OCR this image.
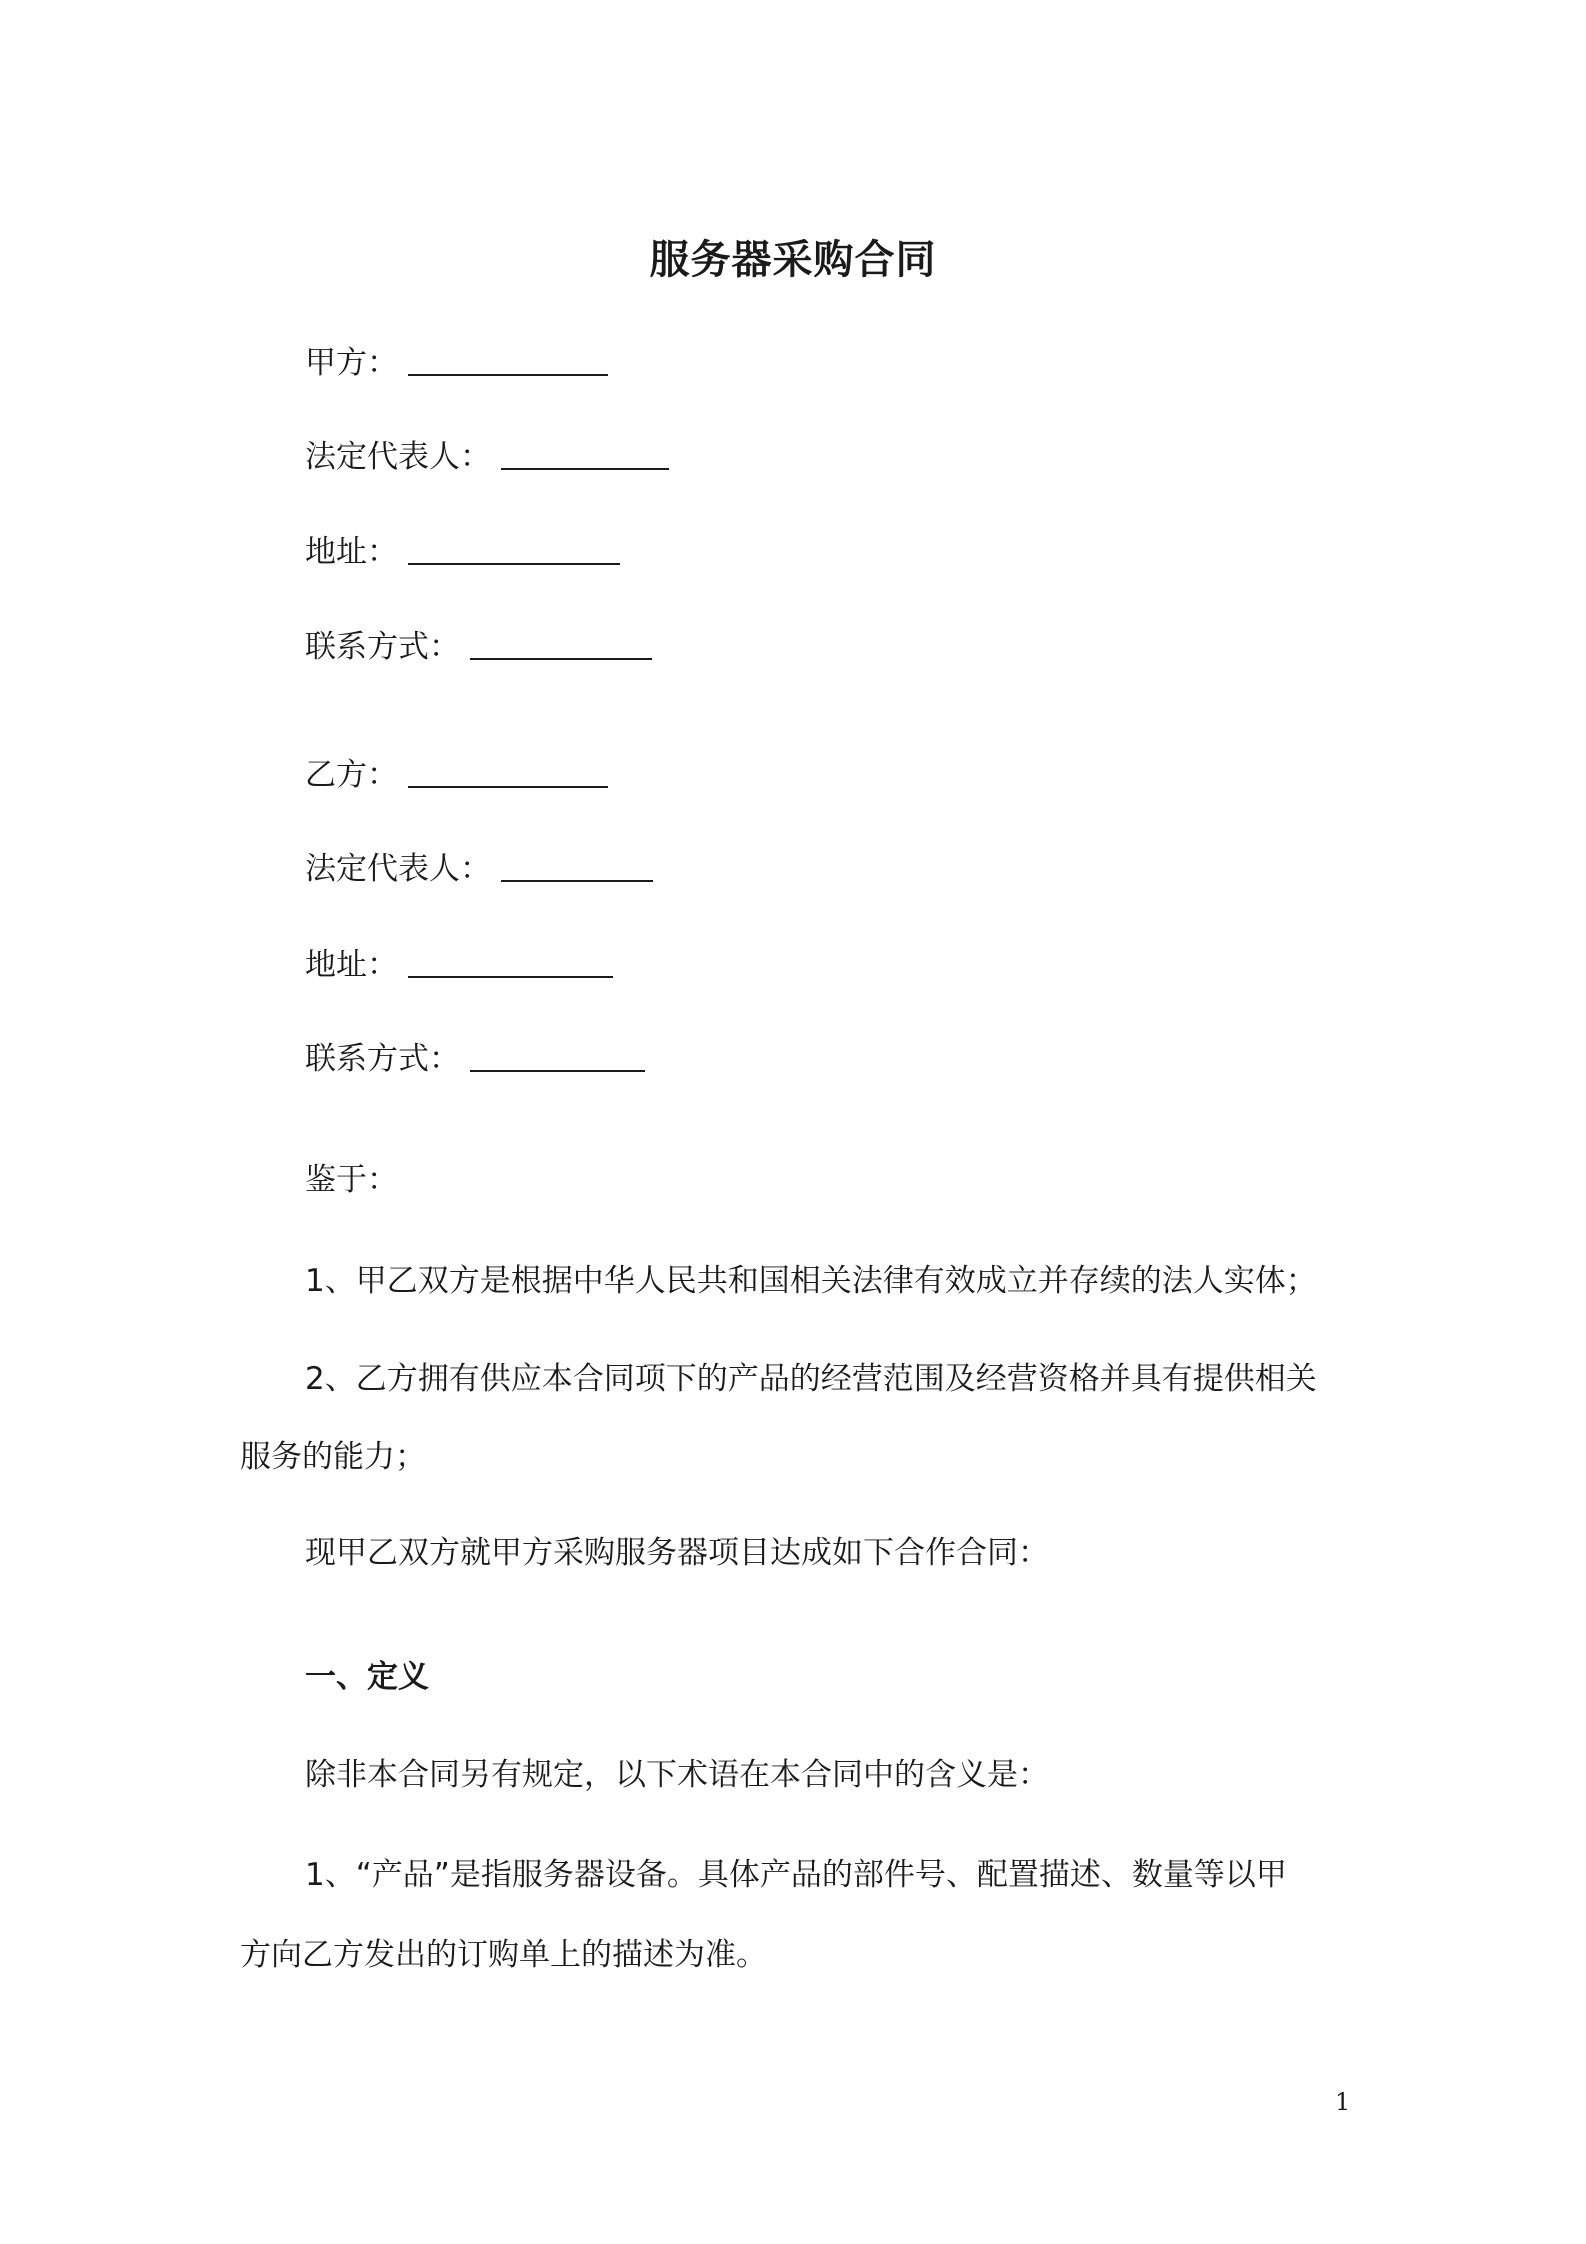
服务器采购合同
甲方：
法定代表人：
地址：
联系方式：
乙方：
法定代表人：
地址：
联系方式：
鉴于：
1、甲乙双方是根据中华人民共和国相关法律有效成立并存续的法人实体；
2、乙方拥有供应本合同项下的产品的经营范围及经营资格并具有提供相关
服务的能力；
现甲乙双方就甲方采购服务器项目达成如下合作合同：
一、定义
除非本合同另有规定，以下术语在本合同中的含义是：
1、“产品”是指服务器设备。具体产品的部件号、配置描述、数量等以甲
方向乙方发出的订购单上的描述为准。
1
